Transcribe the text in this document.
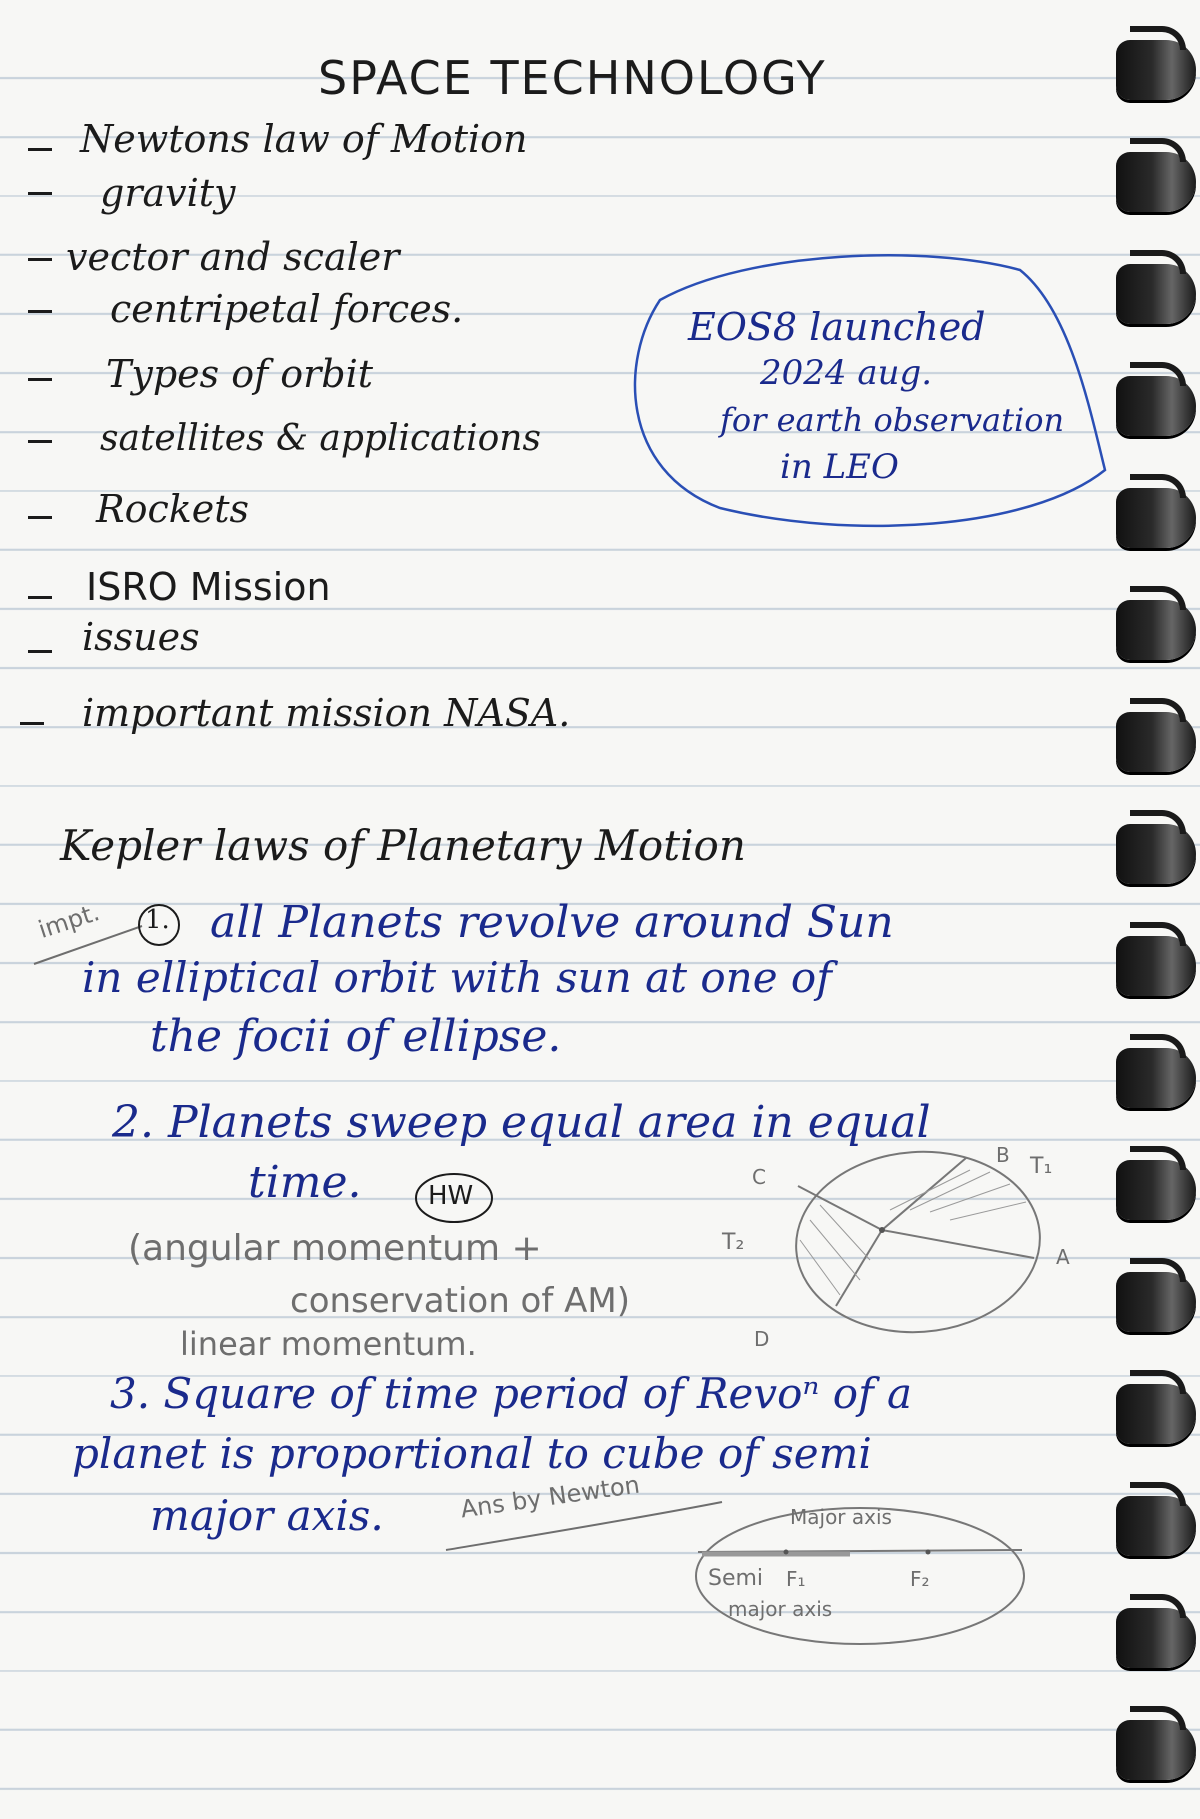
SPACE TECHNOLOGY

Newtons law of Motion

gravity

vector and scaler

centripetal forces.

Types of orbit

satellites & applications

Rockets

ISRO Mission

issues

important mission NASA.

EOS8 launched

2024 aug.

for earth observation

in LEO

Kepler laws of Planetary Motion

impt. 1. all Planets revolve around Sun

in elliptical orbit with sun at one of

the focii of ellipse.

2. Planets sweep equal area in equal

time.	HW

(angular momentum +

conservation of AM)

linear momentum.

C

B T₁

T₂

A

D

3. Square of time period of Revoⁿ of a

planet is proportional to cube of semi

major axis.	Ans by Newton	Major axis

Semi F₁	F₂

major axis
